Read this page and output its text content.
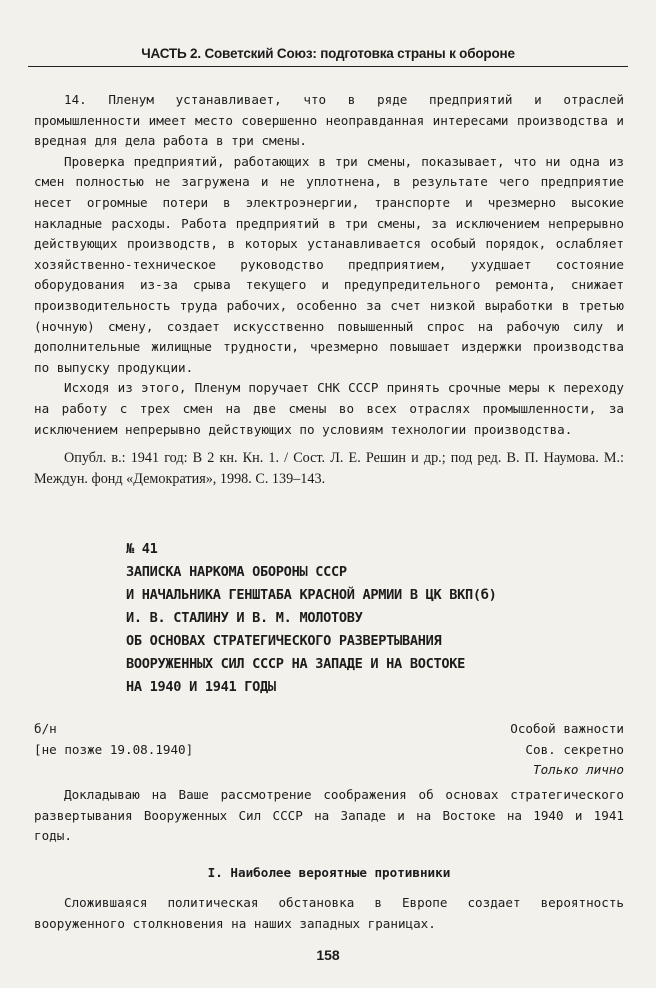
ЧАСТЬ 2. Советский Союз: подготовка страны к обороне

14. Пленум устанавливает, что в ряде предприятий и отраслей промышленности имеет место совершенно неоправданная интересами производства и вредная для дела работа в три смены.

Проверка предприятий, работающих в три смены, показывает, что ни одна из смен полностью не загружена и не уплотнена, в результате чего предприятие несет огромные потери в электроэнергии, транспорте и чрезмерно высокие накладные расходы. Работа предприятий в три смены, за исключением непрерывно действующих производств, в которых устанавливается особый порядок, ослабляет хозяйственно-техническое руководство предприятием, ухудшает состояние оборудования из-за срыва текущего и предупредительного ремонта, снижает производительность труда рабочих, особенно за счет низкой выработки в третью (ночную) смену, создает искусственно повышенный спрос на рабочую силу и дополнительные жилищные трудности, чрезмерно повышает издержки производства по выпуску продукции.

Исходя из этого, Пленум поручает СНК СССР принять срочные меры к переходу на работу с трех смен на две смены во всех отраслях промышленности, за исключением непрерывно действующих по условиям технологии производства.

Опубл. в.: 1941 год: В 2 кн. Кн. 1. / Сост. Л. Е. Решин и др.; под ред. В. П. Наумова. М.: Междун. фонд «Демократия», 1998. С. 139–143.

№ 41
ЗАПИСКА НАРКОМА ОБОРОНЫ СССР
И НАЧАЛЬНИКА ГЕНШТАБА КРАСНОЙ АРМИИ В ЦК ВКП(б)
И. В. СТАЛИНУ И В. М. МОЛОТОВУ
ОБ ОСНОВАХ СТРАТЕГИЧЕСКОГО РАЗВЕРТЫВАНИЯ
ВООРУЖЕННЫХ СИЛ СССР НА ЗАПАДЕ И НА ВОСТОКЕ
НА 1940 И 1941 ГОДЫ
б/н
[не позже 19.08.1940]
Особой важности
Сов. секретно
Только лично

Докладываю на Ваше рассмотрение соображения об основах стратегического развертывания Вооруженных Сил СССР на Западе и на Востоке на 1940 и 1941 годы.

I. Наиболее вероятные противники

Сложившаяся политическая обстановка в Европе создает вероятность вооруженного столкновения на наших западных границах.

158
